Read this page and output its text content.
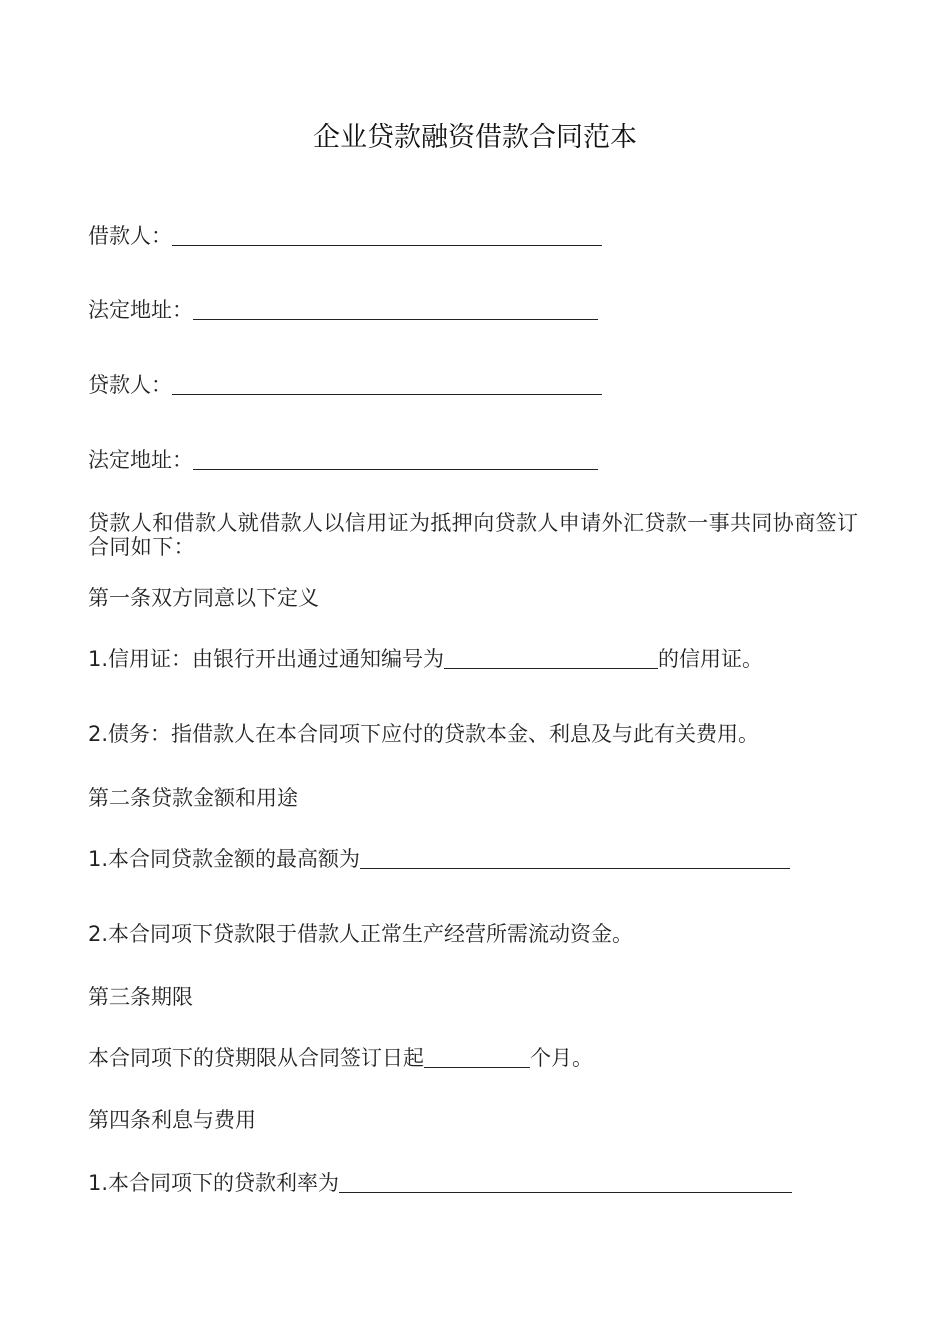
企业贷款融资借款合同范本
借款人：
法定地址：
贷款人：
法定地址：
贷款人和借款人就借款人以信用证为抵押向贷款人申请外汇贷款一事共同协商签订合同如下：
第一条双方同意以下定义
1.信用证：由银行开出通过通知编号为	的信用证。
2.债务：指借款人在本合同项下应付的贷款本金、利息及与此有关费用。
第二条贷款金额和用途
1.本合同贷款金额的最高额为
2.本合同项下贷款限于借款人正常生产经营所需流动资金。
第三条期限
本合同项下的贷期限从合同签订日起	个月。
第四条利息与费用
1.本合同项下的贷款利率为
